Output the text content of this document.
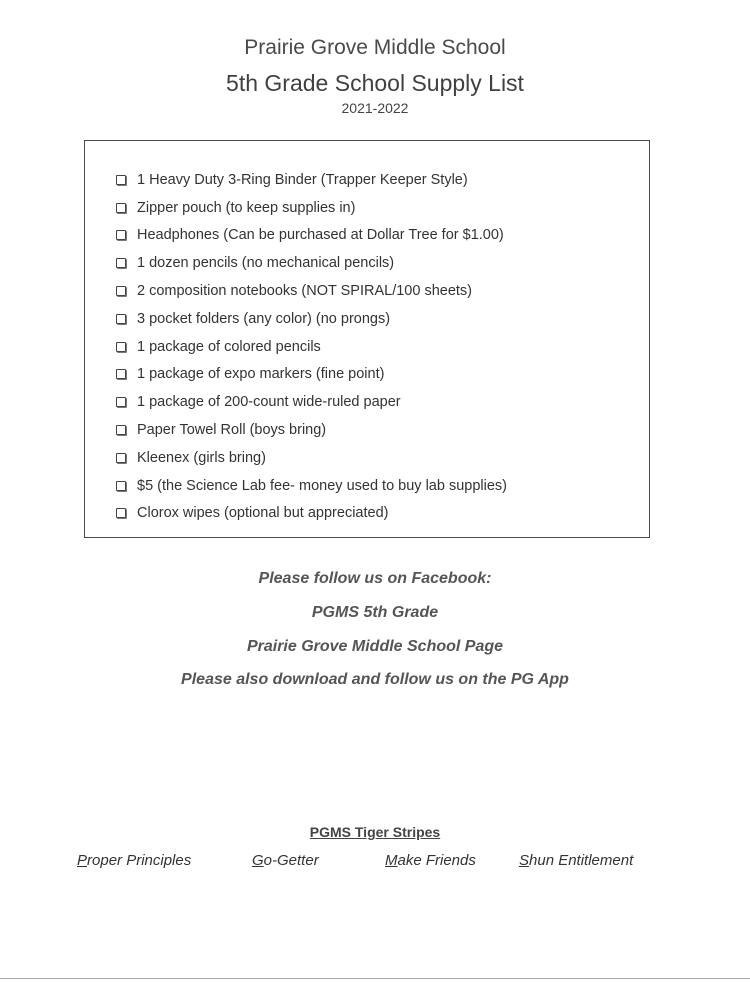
Prairie Grove Middle School
5th Grade School Supply List
2021-2022
1 Heavy Duty 3-Ring Binder (Trapper Keeper Style)
Zipper pouch (to keep supplies in)
Headphones (Can be purchased at Dollar Tree for $1.00)
1 dozen pencils (no mechanical pencils)
2 composition notebooks (NOT SPIRAL/100 sheets)
3 pocket folders (any color) (no prongs)
1 package of colored pencils
1 package of expo markers (fine point)
1 package of 200-count wide-ruled paper
Paper Towel Roll (boys bring)
Kleenex (girls bring)
$5 (the Science Lab fee- money used to buy lab supplies)
Clorox wipes (optional but appreciated)
Please follow us on Facebook:
PGMS 5th Grade
Prairie Grove Middle School Page
Please also download and follow us on the PG App
PGMS Tiger Stripes
Proper Principles	Go-Getter	Make Friends	Shun Entitlement
